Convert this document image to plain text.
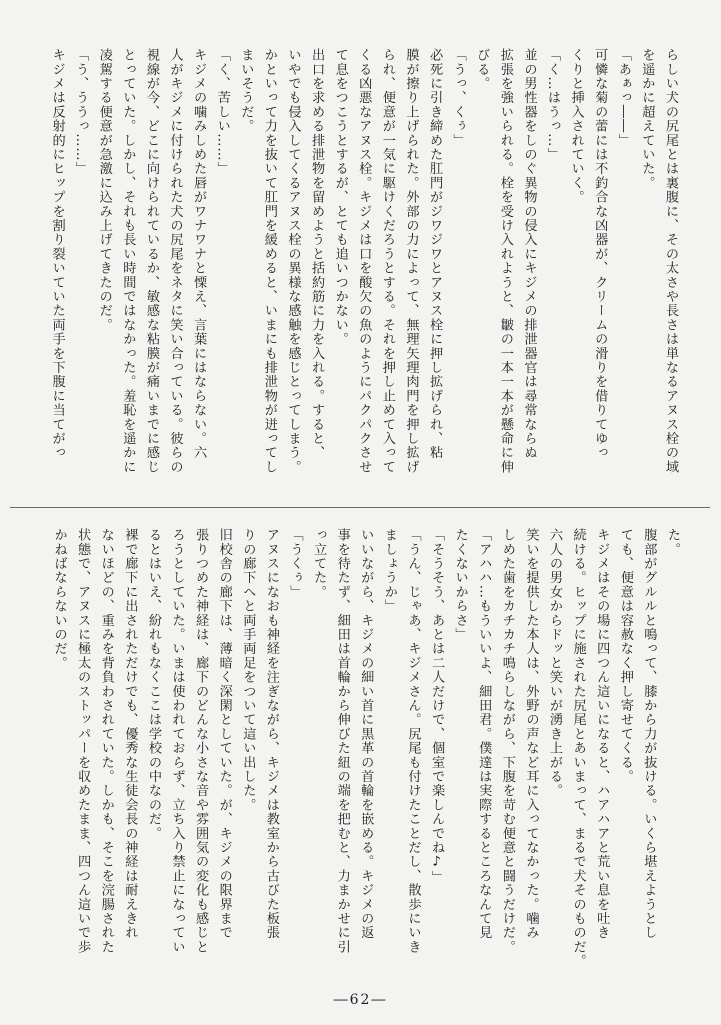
らしい犬の尻尾とは裏腹に、その太さや長さは単なるアヌス栓の域
を遥かに超えていた。
「あぁっ――」
可憐な菊の蕾には不釣合な凶器が、クリームの滑りを借りてゆっ
くりと挿入されていく。
「く…はうっ…」
並の男性器をしのぐ異物の侵入にキジメの排泄器官は尋常ならぬ
拡張を強いられる。栓を受け入れようと、皺の一本一本が懸命に伸
びる。
「うっ、くぅ」
必死に引き締めた肛門がジワジワとアヌス栓に押し拡げられ、粘
膜が擦り上げられた。外部の力によって、無理矢理肉門を押し拡げ
られ、便意が一気に駆けくだろうとする。それを押し止めて入って
くる凶悪なアヌス栓。キジメは口を酸欠の魚のようにパクパクさせ
て息をつこうとするが、とても追いつかない。
出口を求める排泄物を留めようと括約筋に力を入れる。すると、
いやでも侵入してくるアヌス栓の異様な感触を感じとってしまう。
かといって力を抜いて肛門を緩めると、いまにも排泄物が迸ってし
まいそうだ。
「く、苦しい……」
キジメの噛みしめた唇がワナワナと慄え、言葉にはならない。六
人がキジメに付けられた犬の尻尾をネタに笑い合っている。彼らの
視線が今、どこに向けられているか、敏感な粘膜が痛いまでに感じ
とっていた。しかし、それも長い時間ではなかった。羞恥を遥かに
凌駕する便意が急激に込み上げてきたのだ。
「う、ううっ……」
キジメは反射的にヒップを割り裂いていた両手を下腹に当てがっ
た。
腹部がグルルと鳴って、膝から力が抜ける。いくら堪えようとし
ても、便意は容赦なく押し寄せてくる。
キジメはその場に四つん這いになると、ハアハアと荒い息を吐き
続ける。ヒップに施された尻尾とあいまって、まるで犬そのものだ。
六人の男女からドッと笑いが湧き上がる。
笑いを提供した本人は、外野の声など耳に入ってなかった。噛み
しめた歯をカチカチ鳴らしながら、下腹を苛む便意と闘うだけだ。
「アハハ…もういいよ、細田君。僕達は実際するところなんて見
たくないからさ」
「そうそう、あとは二人だけで、個室で楽しんでね♪」
「うん、じゃあ、キジメさん。尻尾も付けたことだし、散歩にいき
ましょうか」
いいながら、キジメの細い首に黒革の首輪を嵌める。キジメの返
事を待たず、細田は首輪から伸びた紐の端を把むと、力まかせに引
っ立てた。
「うくぅ」
アヌスになおも神経を注ぎながら、キジメは教室から古びた板張
りの廊下へと両手両足をついて這い出した。
旧校舎の廊下は、薄暗く深閑としていた。が、キジメの限界まで
張りつめた神経は、廊下のどんな小さな音や雰囲気の変化も感じと
ろうとしていた。いまは使われておらず、立ち入り禁止になってい
るとはいえ、紛れもなくここは学校の中なのだ。
裸で廊下に出されただけでも、優秀な生徒会長の神経は耐えきれ
ないほどの、重みを背負わされていた。しかも、そこを浣腸された
状態で、アヌスに極太のストッパーを収めたまま、四つん這いで歩
かねばならないのだ。
―62―
